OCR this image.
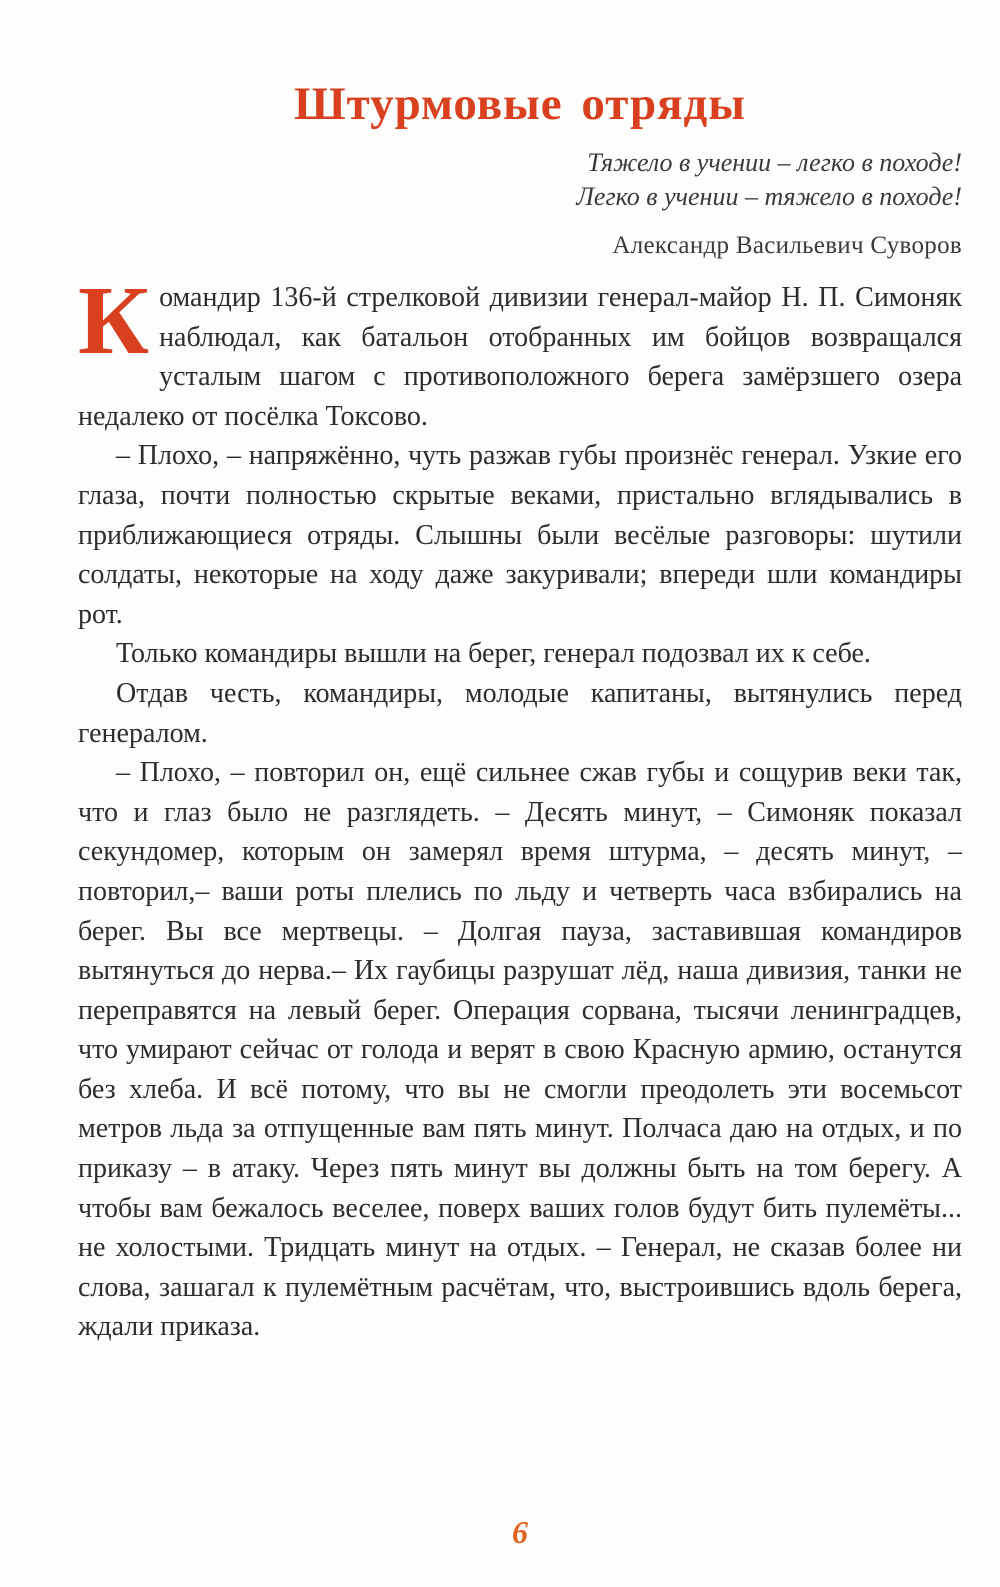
Штурмовые отряды
Тяжело в учении – легко в походе!
Легко в учении – тяжело в походе!
Александр Васильевич Суворов

Командир 136-й стрелковой дивизии генерал-майор Н. П. Симоняк наблюдал, как батальон отобранных им бойцов возвращался усталым шагом с противоположного берега замёрзшего озера недалеко от посёлка Токсово.

– Плохо, – напряжённо, чуть разжав губы произнёс генерал. Узкие его глаза, почти полностью скрытые веками, пристально вглядывались в приближающиеся отряды. Слышны были весёлые разговоры: шутили солдаты, некоторые на ходу даже закуривали; впереди шли командиры рот.

Только командиры вышли на берег, генерал подозвал их к себе.

Отдав честь, командиры, молодые капитаны, вытянулись перед генералом.

– Плохо, – повторил он, ещё сильнее сжав губы и сощурив веки так, что и глаз было не разглядеть. – Десять минут, – Симоняк показал секундомер, которым он замерял время штурма, – десять минут, – повторил,– ваши роты плелись по льду и четверть часа взбирались на берег. Вы все мертвецы. – Долгая пауза, заставившая командиров вытянуться до нерва.– Их гаубицы разрушат лёд, наша дивизия, танки не переправятся на левый берег. Операция сорвана, тысячи ленинградцев, что умирают сейчас от голода и верят в свою Красную армию, останутся без хлеба. И всё потому, что вы не смогли преодолеть эти восемьсот метров льда за отпущенные вам пять минут. Полчаса даю на отдых, и по приказу – в атаку. Через пять минут вы должны быть на том берегу. А чтобы вам бежалось веселее, поверх ваших голов будут бить пулемёты... не холостыми. Тридцать минут на отдых. – Генерал, не сказав более ни слова, зашагал к пулемётным расчётам, что, выстроившись вдоль берега, ждали приказа.

6
